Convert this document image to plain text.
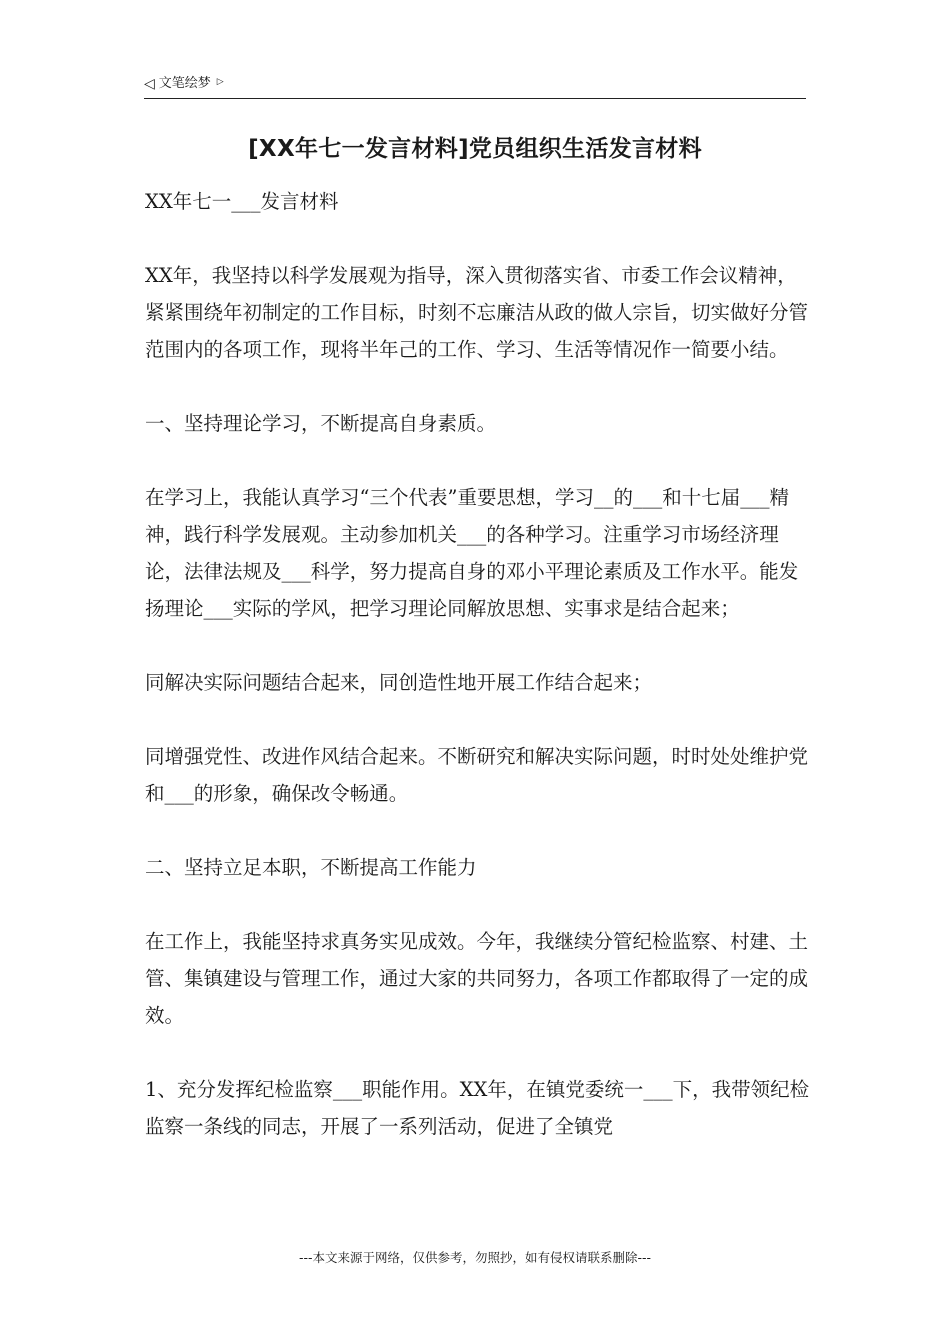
◁ 文笔绘梦 ▷
[XX年七一发言材料]党员组织生活发言材料

XX年七一___发言材料

XX年，我坚持以科学发展观为指导，深入贯彻落实省、市委工作会议精神，紧紧围绕年初制定的工作目标，时刻不忘廉洁从政的做人宗旨，切实做好分管范围内的各项工作，现将半年己的工作、学习、生活等情况作一简要小结。

一、坚持理论学习，不断提高自身素质。

在学习上，我能认真学习“三个代表”重要思想，学习__的___和十七届___精神，践行科学发展观。主动参加机关___的各种学习。注重学习市场经济理论，法律法规及___科学，努力提高自身的邓小平理论素质及工作水平。能发扬理论___实际的学风，把学习理论同解放思想、实事求是结合起来；

同解决实际问题结合起来，同创造性地开展工作结合起来；

同增强党性、改进作风结合起来。不断研究和解决实际问题，时时处处维护党和___的形象，确保改令畅通。

二、坚持立足本职，不断提高工作能力

在工作上，我能坚持求真务实见成效。今年，我继续分管纪检监察、村建、土管、集镇建设与管理工作，通过大家的共同努力，各项工作都取得了一定的成效。

1、充分发挥纪检监察___职能作用。XX年，在镇党委统一___下，我带领纪检监察一条线的同志，开展了一系列活动，促进了全镇党

---本文来源于网络，仅供参考，勿照抄，如有侵权请联系删除---
